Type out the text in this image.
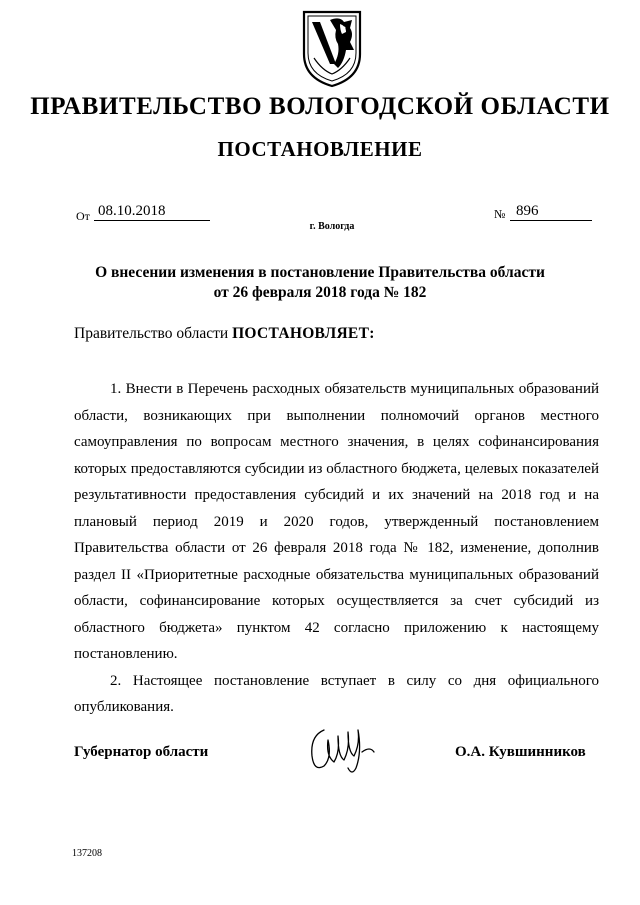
ПРАВИТЕЛЬСТВО ВОЛОГОДСКОЙ ОБЛАСТИ
ПОСТАНОВЛЕНИЕ
От 08.10.2018	№ 896
г. Вологда
О внесении изменения в постановление Правительства области
от 26 февраля 2018 года № 182
Правительство области ПОСТАНОВЛЯЕТ:

1. Внести в Перечень расходных обязательств муниципальных образований области, возникающих при выполнении полномочий органов местного самоуправления по вопросам местного значения, в целях софинансирования которых предоставляются субсидии из областного бюджета, целевых показателей результативности предоставления субсидий и их значений на 2018 год и на плановый период 2019 и 2020 годов, утвержденный постановлением Правительства области от 26 февраля 2018 года № 182, изменение, дополнив раздел II «Приоритетные расходные обязательства муниципальных образований области, софинансирование которых осуществляется за счет субсидий из областного бюджета» пунктом 42 согласно приложению к настоящему постановлению.

2. Настоящее постановление вступает в силу со дня официального опубликования.

Губернатор области	О.А. Кувшинников
137208
